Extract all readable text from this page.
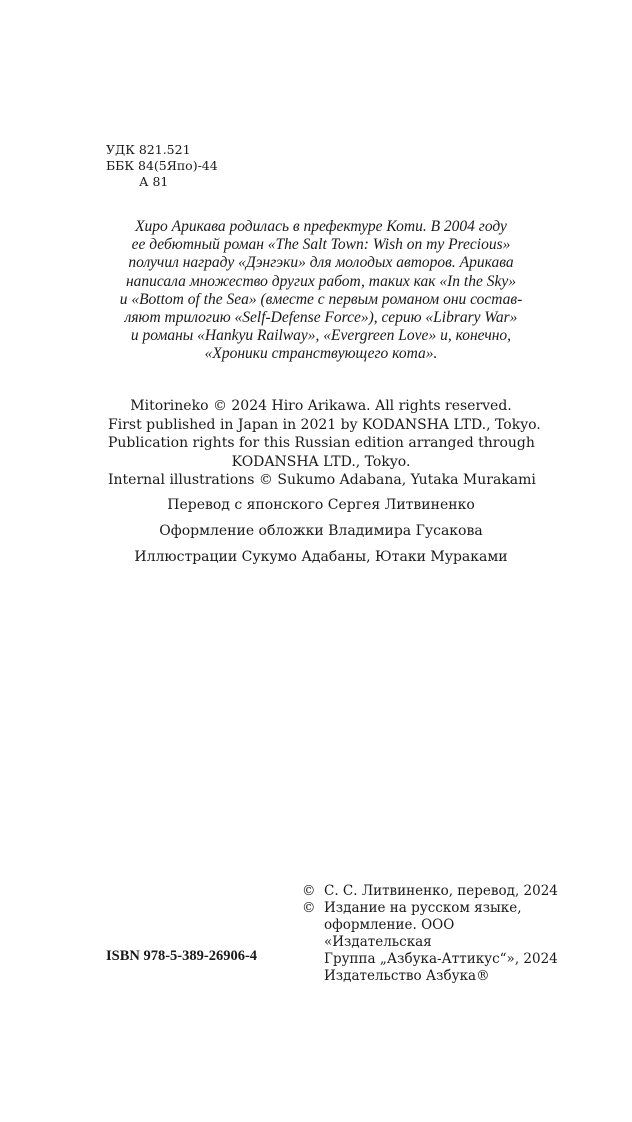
УДК 821.521
ББК 84(5Япо)-44
А 81

Хиро Арикава родилась в префектуре Коти. В 2004 году

ее дебютный роман «The Salt Town: Wish on my Precious»

получил награду «Дэнгэки» для молодых авторов. Арикава

написала множество других работ, таких как «In the Sky»

и «Bottom of the Sea» (вместе с первым романом они состав-

ляют трилогию «Self-Defense Force»), серию «Library War»

и романы «Hankyu Railway», «Evergreen Love» и, конечно,

«Хроники странствующего кота».

Mitorineko © 2024 Hiro Arikawa. All rights reserved.

First published in Japan in 2021 by KODANSHA LTD., Tokyo.

Publication rights for this Russian edition arranged through

KODANSHA LTD., Tokyo.

Internal illustrations © Sukumo Adabana, Yutaka Murakami

Перевод с японского Сергея Литвиненко

Оформление обложки Владимира Гусакова

Иллюстрации Сукумо Адабаны, Ютаки Мураками

© С. С. Литвиненко, перевод, 2024
© Издание на русском языке,
оформление. ООО «Издательская
Группа „Азбука-Аттикус“», 2024
Издательство Азбука®
ISBN 978-5-389-26906-4
